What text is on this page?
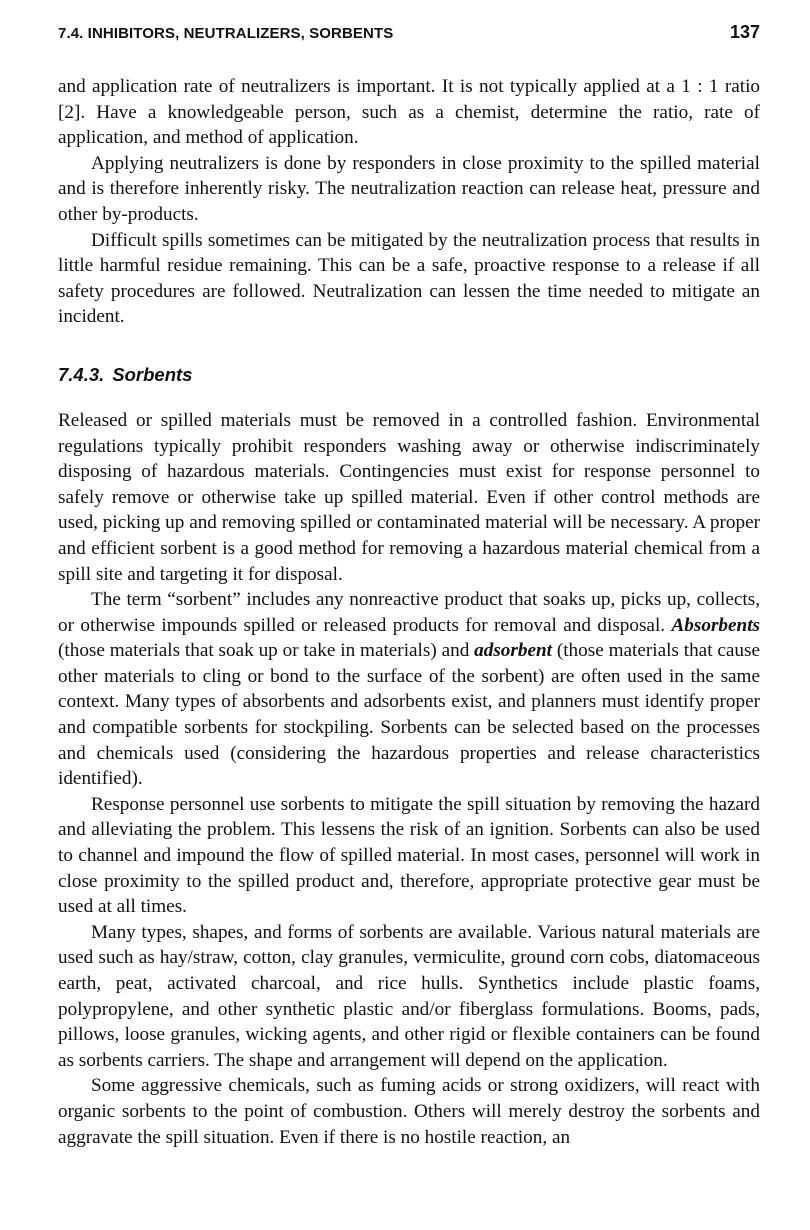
7.4. INHIBITORS, NEUTRALIZERS, SORBENTS	137

and application rate of neutralizers is important. It is not typically applied at a 1 : 1 ratio [2]. Have a knowledgeable person, such as a chemist, determine the ratio, rate of application, and method of application.

Applying neutralizers is done by responders in close proximity to the spilled material and is therefore inherently risky. The neutralization reaction can release heat, pressure and other by-products.

Difficult spills sometimes can be mitigated by the neutralization process that results in little harmful residue remaining. This can be a safe, proactive response to a release if all safety procedures are followed. Neutralization can lessen the time needed to mitigate an incident.

7.4.3. Sorbents

Released or spilled materials must be removed in a controlled fashion. Environmental regulations typically prohibit responders washing away or otherwise indiscriminately disposing of hazardous materials. Contingencies must exist for response personnel to safely remove or otherwise take up spilled material. Even if other control methods are used, picking up and removing spilled or contaminated material will be necessary. A proper and efficient sorbent is a good method for removing a hazardous material chemical from a spill site and targeting it for disposal.

The term “sorbent” includes any nonreactive product that soaks up, picks up, collects, or otherwise impounds spilled or released products for removal and disposal. Absorbents (those materials that soak up or take in materials) and adsorbent (those materials that cause other materials to cling or bond to the surface of the sorbent) are often used in the same context. Many types of absorbents and adsorbents exist, and planners must identify proper and compatible sorbents for stockpiling. Sorbents can be selected based on the processes and chemicals used (considering the hazardous properties and release characteristics identified).

Response personnel use sorbents to mitigate the spill situation by removing the hazard and alleviating the problem. This lessens the risk of an ignition. Sorbents can also be used to channel and impound the flow of spilled material. In most cases, personnel will work in close proximity to the spilled product and, therefore, appropriate protective gear must be used at all times.

Many types, shapes, and forms of sorbents are available. Various natural materials are used such as hay/straw, cotton, clay granules, vermiculite, ground corn cobs, diatomaceous earth, peat, activated charcoal, and rice hulls. Synthetics include plastic foams, polypropylene, and other synthetic plastic and/or fiberglass formulations. Booms, pads, pillows, loose granules, wicking agents, and other rigid or flexible containers can be found as sorbents carriers. The shape and arrangement will depend on the application.

Some aggressive chemicals, such as fuming acids or strong oxidizers, will react with organic sorbents to the point of combustion. Others will merely destroy the sorbents and aggravate the spill situation. Even if there is no hostile reaction, an
